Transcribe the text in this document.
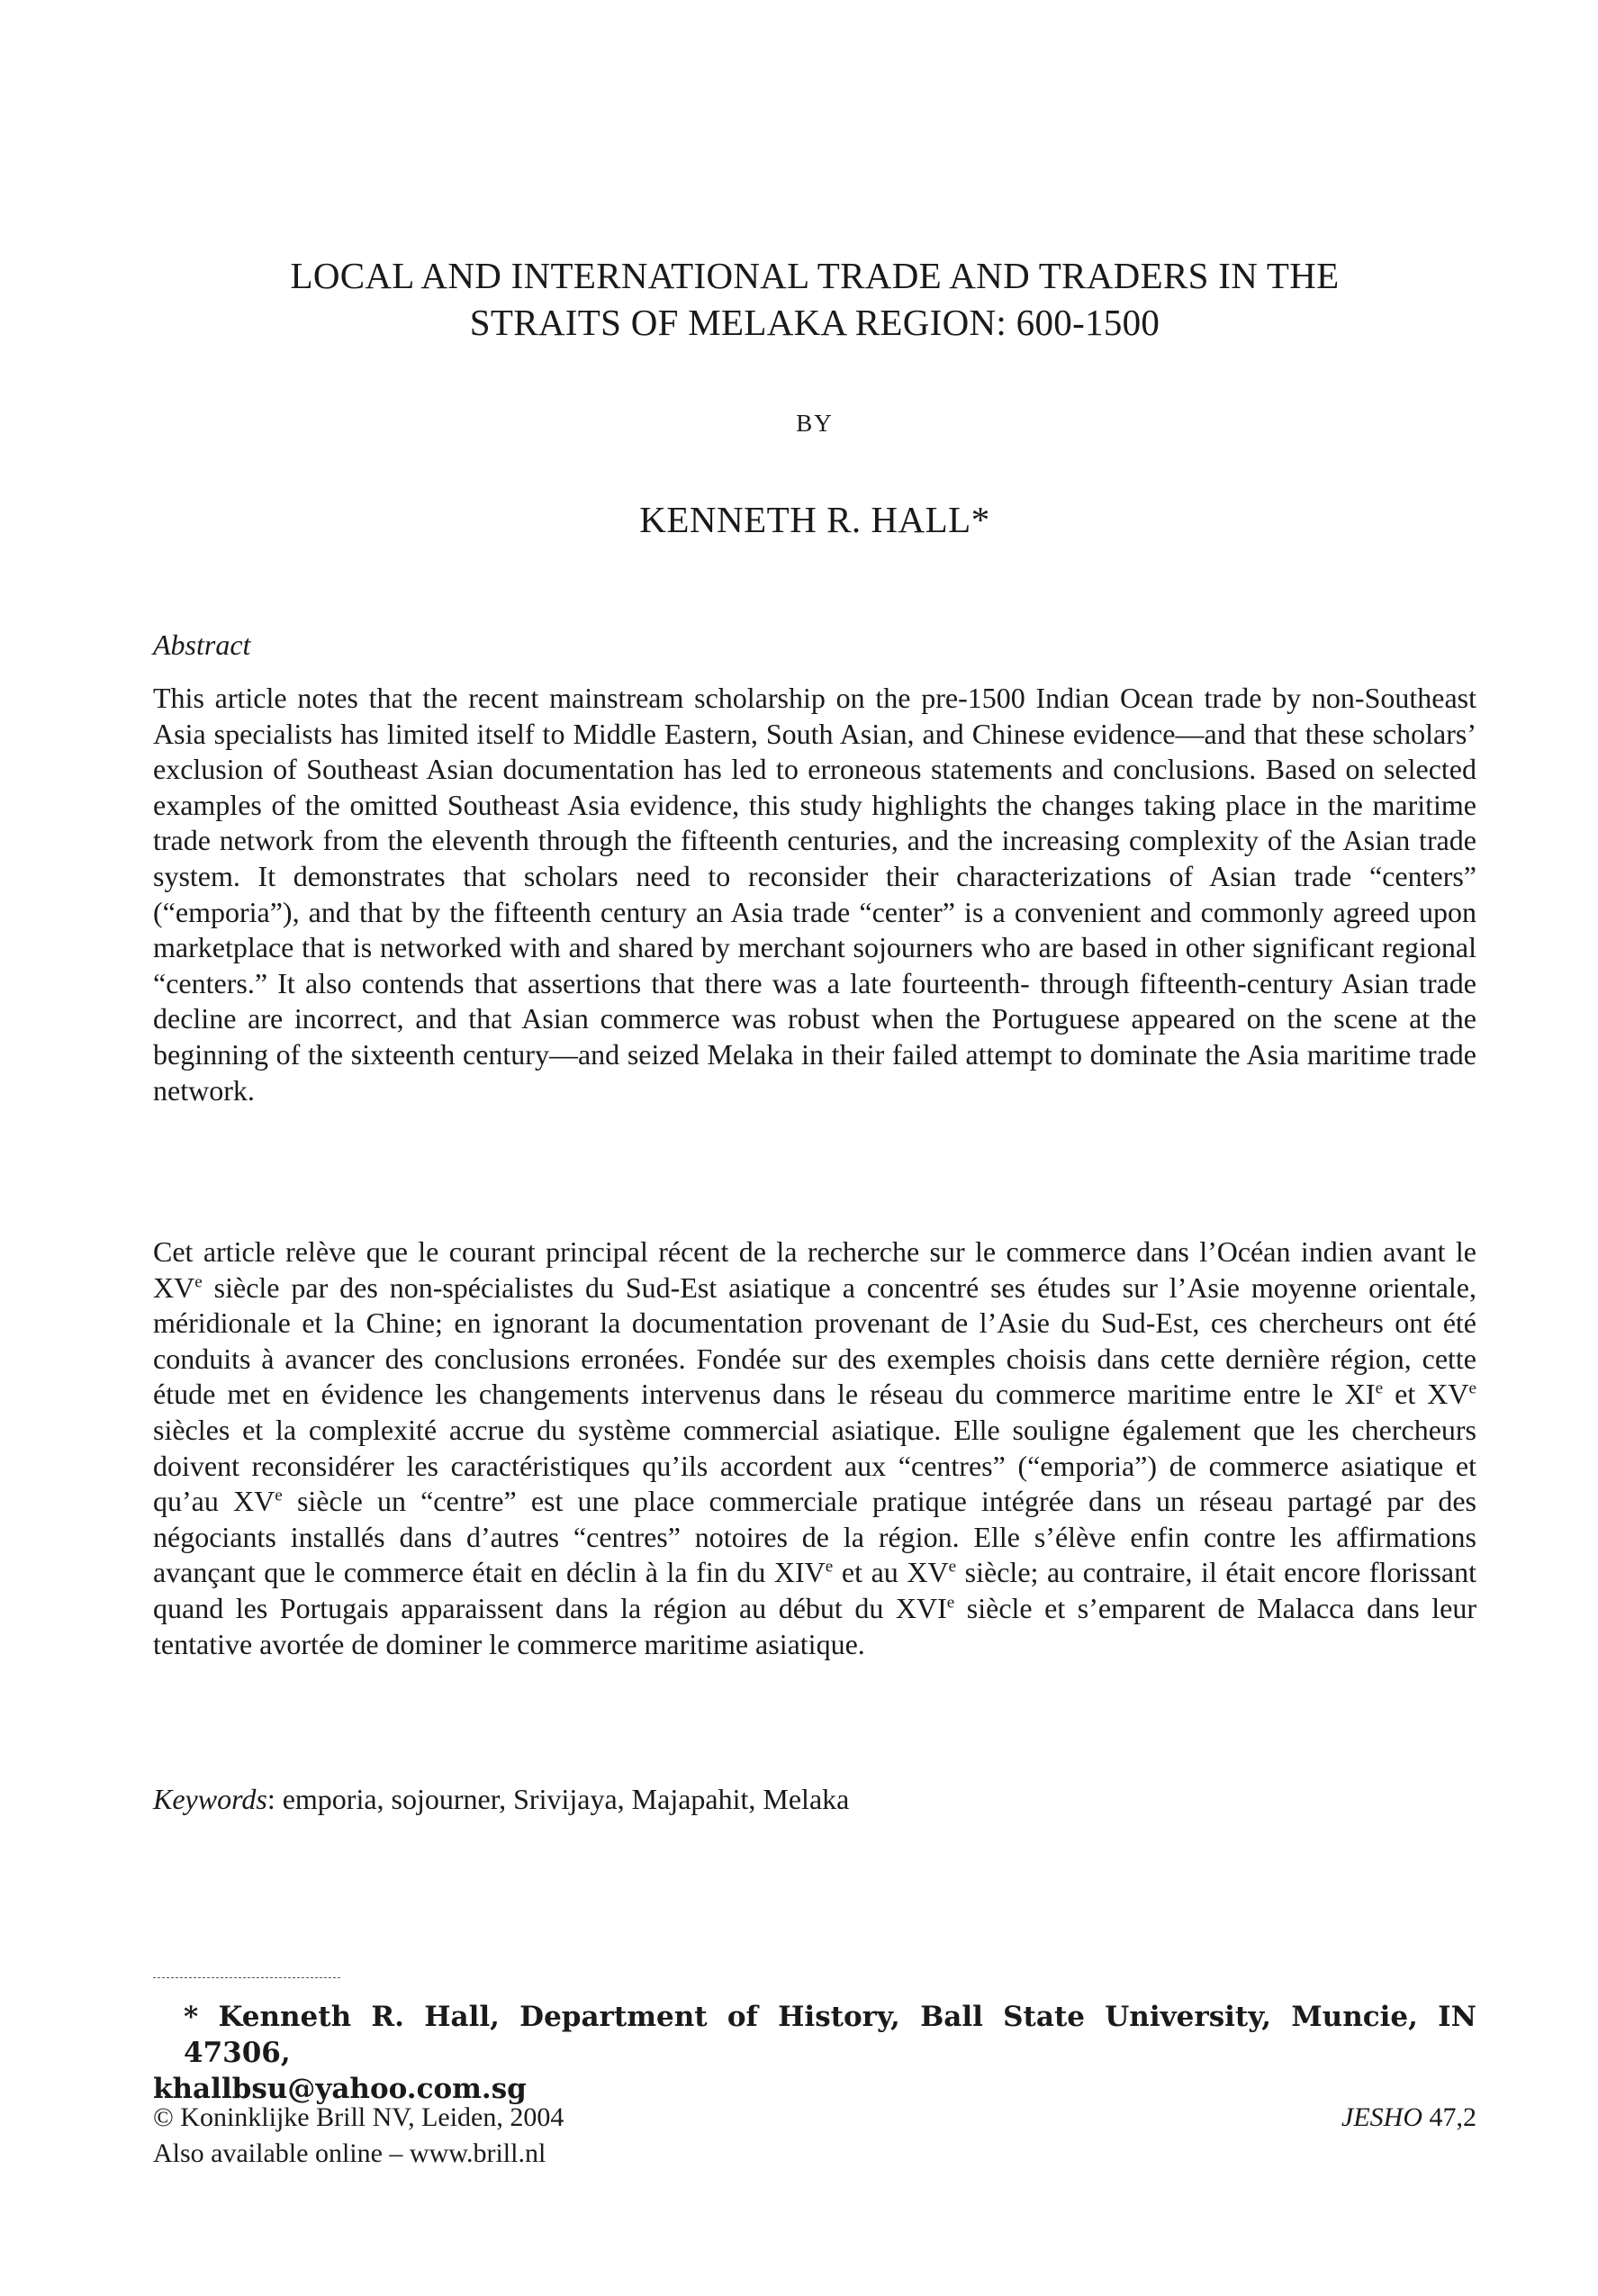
LOCAL AND INTERNATIONAL TRADE AND TRADERS IN THE
STRAITS OF MELAKA REGION: 600-1500
BY
KENNETH R. HALL*
Abstract

This article notes that the recent mainstream scholarship on the pre-1500 Indian Ocean trade by non-Southeast Asia specialists has limited itself to Middle Eastern, South Asian, and Chinese evidence—and that these scholars’ exclusion of Southeast Asian documentation has led to erroneous statements and conclusions. Based on selected examples of the omitted Southeast Asia evidence, this study highlights the changes taking place in the maritime trade network from the eleventh through the fifteenth centuries, and the increasing complexity of the Asian trade system. It demonstrates that scholars need to reconsider their characterizations of Asian trade “centers” (“emporia”), and that by the fifteenth century an Asia trade “center” is a convenient and commonly agreed upon marketplace that is networked with and shared by merchant sojourners who are based in other significant regional “centers.” It also contends that assertions that there was a late fourteenth- through fifteenth-century Asian trade decline are incorrect, and that Asian commerce was robust when the Portuguese appeared on the scene at the beginning of the sixteenth century—and seized Melaka in their failed attempt to dominate the Asia maritime trade network.

Cet article relève que le courant principal récent de la recherche sur le commerce dans l’Océan indien avant le XVe siècle par des non-spécialistes du Sud-Est asiatique a concentré ses études sur l’Asie moyenne orientale, méridionale et la Chine; en ignorant la documentation provenant de l’Asie du Sud-Est, ces chercheurs ont été conduits à avancer des conclusions erronées. Fondée sur des exemples choisis dans cette dernière région, cette étude met en évidence les changements intervenus dans le réseau du commerce maritime entre le XIe et XVe siècles et la complexité accrue du système commercial asiatique. Elle souligne également que les chercheurs doivent reconsidérer les caractéristiques qu’ils accordent aux “centres” (“emporia”) de commerce asiatique et qu’au XVe siècle un “centre” est une place commerciale pratique intégrée dans un réseau partagé par des négociants installés dans d’autres “centres” notoires de la région. Elle s’élève enfin contre les affirmations avançant que le commerce était en déclin à la fin du XIVe et au XVe siècle; au contraire, il était encore florissant quand les Portugais apparaissent dans la région au début du XVIe siècle et s’emparent de Malacca dans leur tentative avortée de dominer le commerce maritime asiatique.

Keywords: emporia, sojourner, Srivijaya, Majapahit, Melaka
* Kenneth R. Hall, Department of History, Ball State University, Muncie, IN 47306,
khallbsu@yahoo.com.sg
© Koninklijke Brill NV, Leiden, 2004
Also available online – www.brill.nl
JESHO 47,2
